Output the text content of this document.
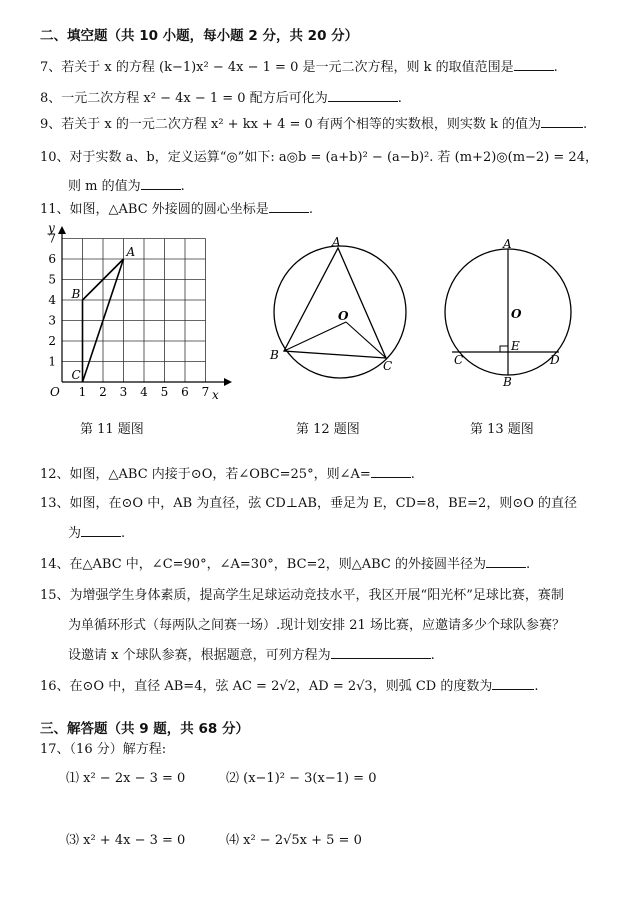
二、填空题（共 10 小题，每小题 2 分，共 20 分）
7、若关于 x 的方程 (k−1)x² − 4x − 1 = 0 是一元二次方程，则 k 的取值范围是	.
8、一元二次方程 x² − 4x − 1 = 0 配方后可化为	.
9、若关于 x 的一元二次方程 x² + kx + 4 = 0 有两个相等的实数根，则实数 k 的值为	.
10、对于实数 a、b，定义运算“◎”如下: a◎b = (a+b)² − (a−b)². 若 (m+2)◎(m−2) = 24，
则 m 的值为	.
11、如图，△ABC 外接圆的圆心坐标是	.
1 2 3 4 5 6 7
1
2
3
4
5
6
7
A
B
C
O	x
y
第 11 题图
A
B
C
O
第 12 题图
A
B
C	D
E
O
第 13 题图
12、如图，△ABC 内接于⊙O，若∠OBC=25°，则∠A=	.
13、如图，在⊙O 中，AB 为直径，弦 CD⊥AB，垂足为 E，CD=8，BE=2，则⊙O 的直径
为	.
14、在△ABC 中，∠C=90°，∠A=30°，BC=2，则△ABC 的外接圆半径为	.
15、为增强学生身体素质，提高学生足球运动竞技水平，我区开展“阳光杯”足球比赛，赛制
为单循环形式（每两队之间赛一场）.现计划安排 21 场比赛，应邀请多少个球队参赛？
设邀请 x 个球队参赛，根据题意，可列方程为	.
16、在⊙O 中，直径 AB=4，弦 AC = 2√2，AD = 2√3，则弧 CD 的度数为	.
三、解答题（共 9 题，共 68 分）
17、（16 分）解方程:
⑴ x² − 2x − 3 = 0	⑵ (x−1)² − 3(x−1) = 0
⑶ x² + 4x − 3 = 0	⑷ x² − 2√5x + 5 = 0
